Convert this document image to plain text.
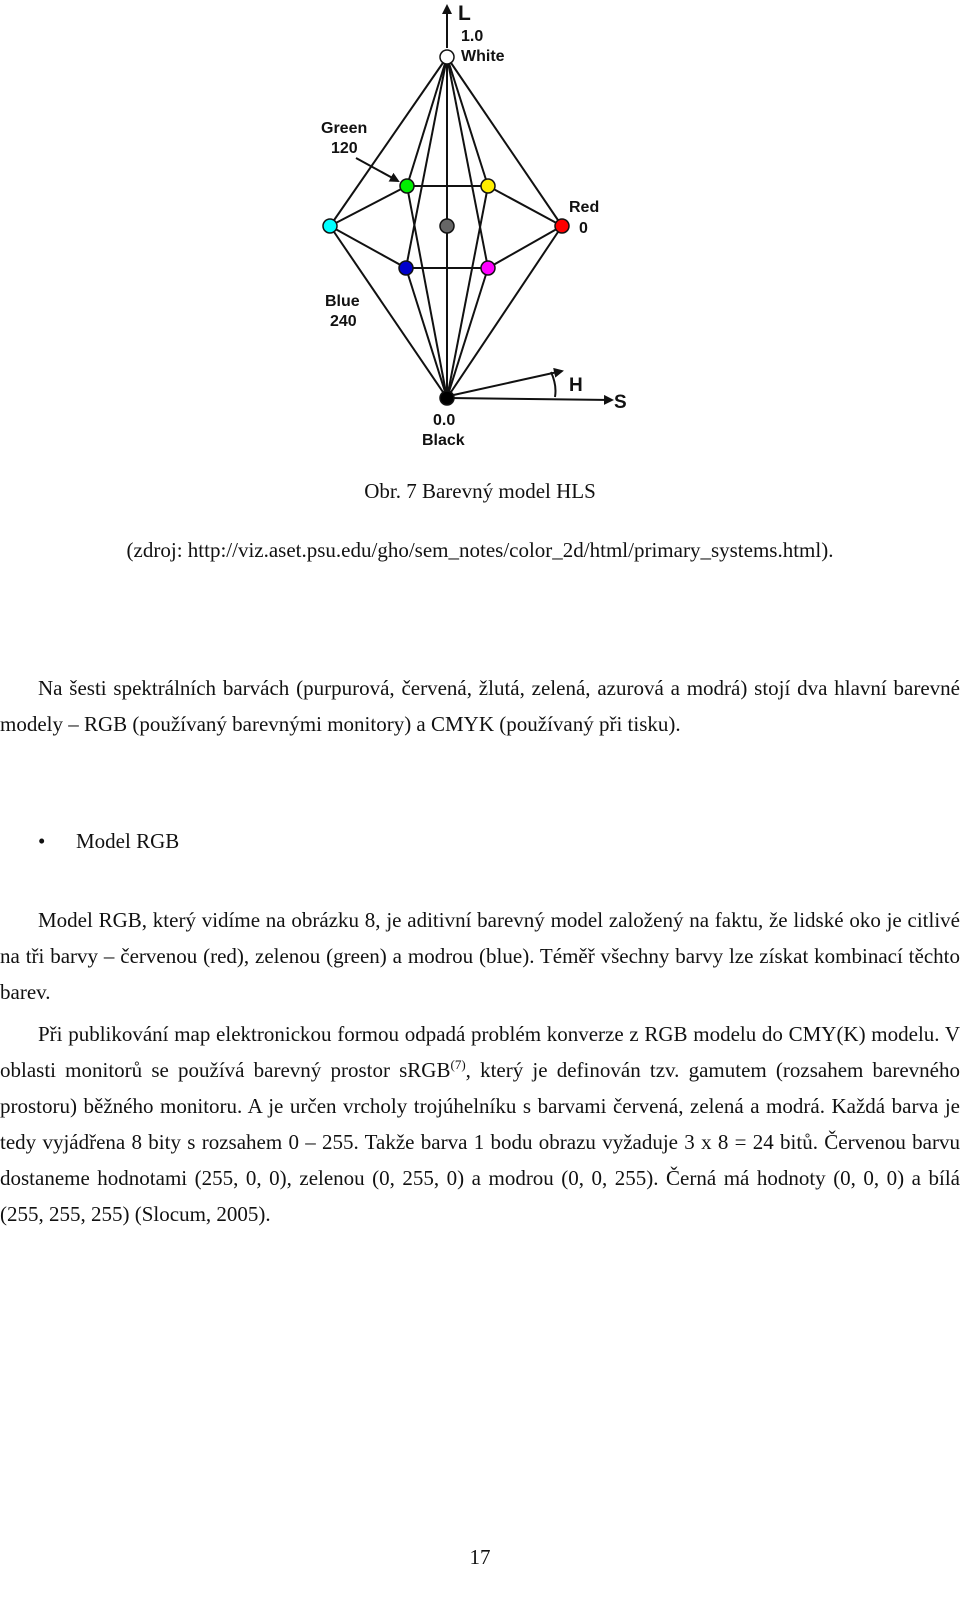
L
1.0
White
Green
120
Red
0
Blue
240
0.0
Black
H
S
Obr. 7 Barevný model HLS
(zdroj: http://viz.aset.psu.edu/gho/sem_notes/color_2d/html/primary_systems.html).

Na šesti spektrálních barvách (purpurová, červená, žlutá, zelená, azurová a modrá) stojí dva hlavní barevné modely – RGB (používaný barevnými monitory) a CMYK (používaný při tisku).

• Model RGB

Model RGB, který vidíme na obrázku 8, je aditivní barevný model založený na faktu, že lidské oko je citlivé na tři barvy – červenou (red), zelenou (green) a modrou (blue). Téměř všechny barvy lze získat kombinací těchto barev.

Při publikování map elektronickou formou odpadá problém konverze z RGB modelu do CMY(K) modelu. V oblasti monitorů se používá barevný prostor sRGB$^{(7)}$, který je definován tzv. gamutem (rozsahem barevného prostoru) běžného monitoru. A je určen vrcholy trojúhelníku s barvami červená, zelená a modrá. Každá barva je tedy vyjádřena 8 bity s rozsahem 0 – 255. Takže barva 1 bodu obrazu vyžaduje 3 x 8 = 24 bitů. Červenou barvu dostaneme hodnotami (255, 0, 0), zelenou (0, 255, 0) a modrou (0, 0, 255). Černá má hodnoty (0, 0, 0) a bílá (255, 255, 255) (Slocum, 2005).

17
